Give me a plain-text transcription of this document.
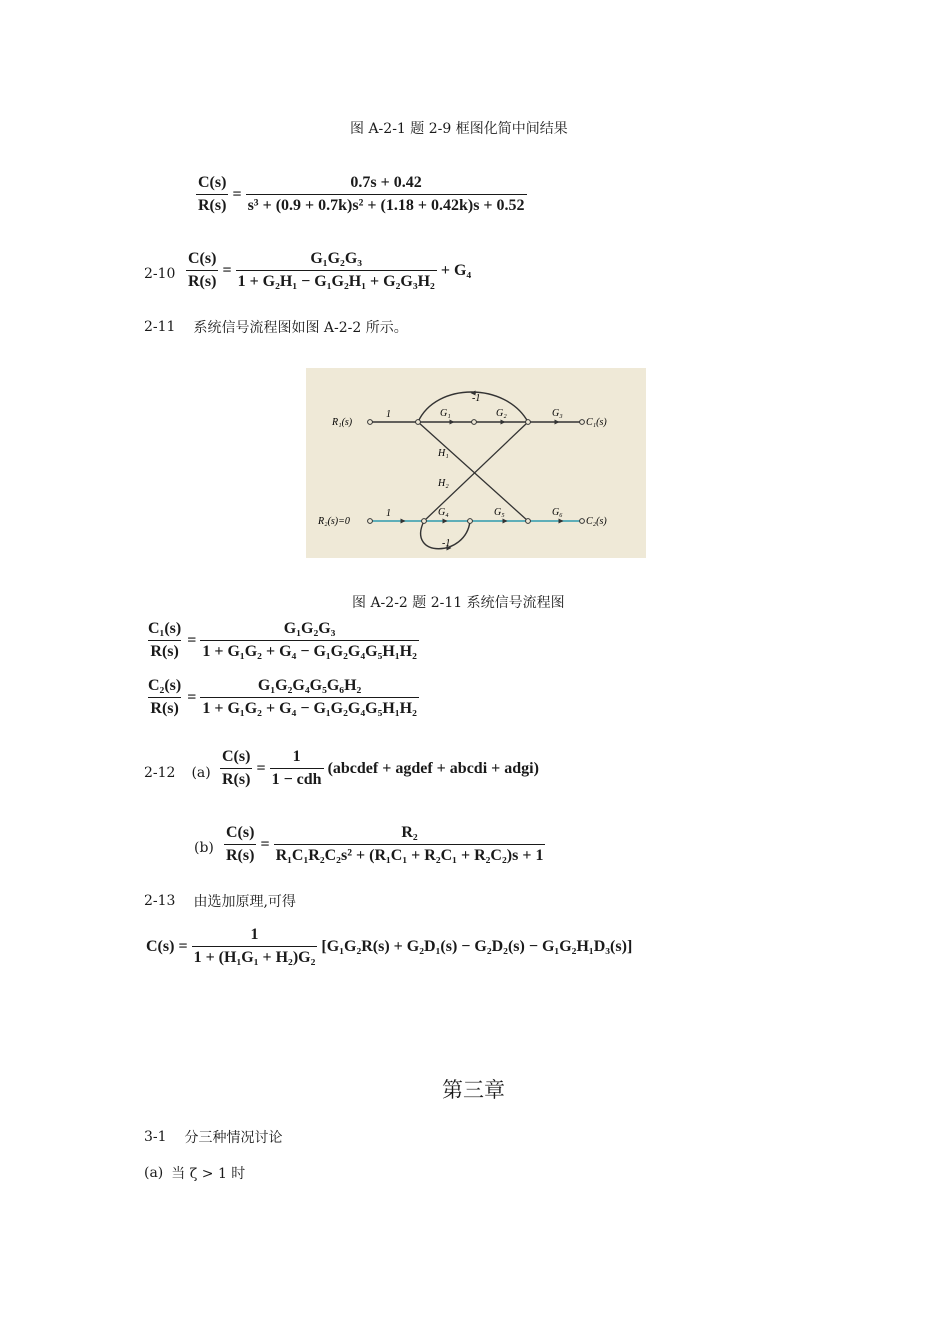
图 A-2-1 题 2-9 框图化简中间结果
$\frac{C(s)}{R(s)} = \frac{0.7s + 0.42}{\text{s³ + (0.9 + 0.7k)s² + (1.18 + 0.42k)s + 0.52}}$
$2-10 \frac{C(s)}{R(s)} = \frac{\text{G₁G₂G₃}}{\text{1 + G₂H₁ − G₁G₂H₁ + G₂G₃H₂}} + G_4$
2-11 系统信号流程图如图 A-2-2 所示。
R₁(s)	C₁(s)
R₂(s)=0	C₂(s)
1
1
G₁	G₂	G₃
G₄	G₅	G₆
H₁
H₂
-1
-1
图 A-2-2 题 2-11 系统信号流程图
$\frac{\text{C₁(s)}}{R(s)} = \frac{\text{G₁G₂G₃}}{\text{1 + G₁G₂ + G₄ − G₁G₂G₄G₅H₁H₂}}$
$\frac{\text{C₂(s)}}{R(s)} = \frac{\text{G₁G₂G₄G₅G₆H₂}}{\text{1 + G₁G₂ + G₄ − G₁G₂G₄G₅H₁H₂}}$
2-12 $(a) \frac{C(s)}{R(s)} = \frac{1}{\text{1 − cdh}}$ (abcdef + agdef + abcdi + adgi)
$(b) \frac{C(s)}{R(s)} = \frac{\text{R₂}}{\text{R₁C₁R₂C₂s² + (R₁C₁ + R₂C₁ + R₂C₂)s + 1}}$
2-13 由选加原理,可得
$C(s) = \frac{1}{\text{1 + (H₁G₁ + H₂)G₂}} [G_1G_2R(s) + G_2D_1(s) - G_2D_2(s) - G_1G_2H_1D_3(s)]$
第三章
3-1 分三种情况讨论
(a) 当 ζ > 1 时
